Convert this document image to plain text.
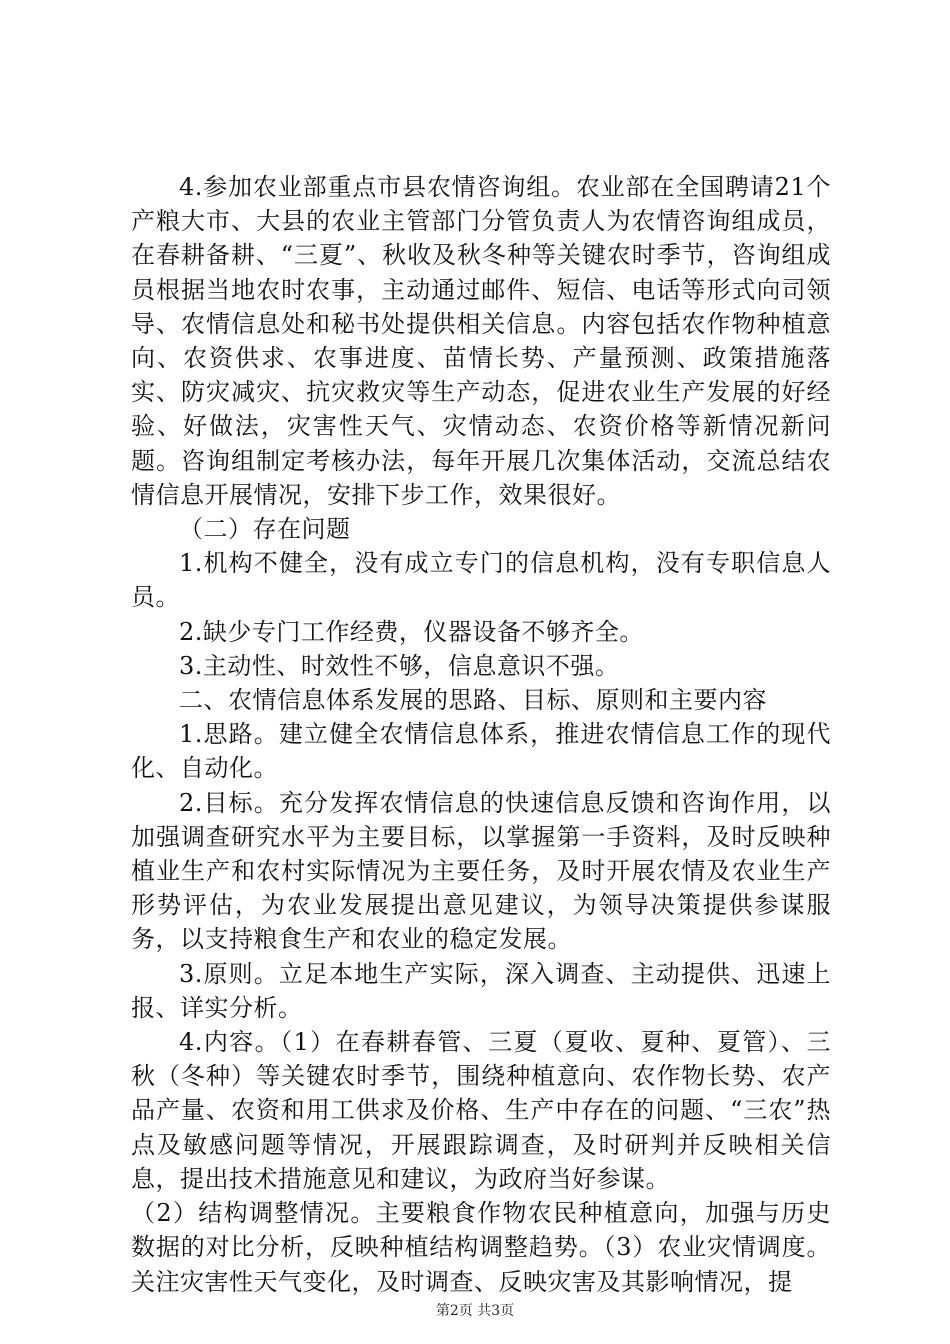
4.参加农业部重点市县农情咨询组。农业部在全国聘请21个产粮大市、大县的农业主管部门分管负责人为农情咨询组成员，在春耕备耕、“三夏”、秋收及秋冬种等关键农时季节，咨询组成员根据当地农时农事，主动通过邮件、短信、电话等形式向司领导、农情信息处和秘书处提供相关信息。内容包括农作物种植意向、农资供求、农事进度、苗情长势、产量预测、政策措施落实、防灾减灾、抗灾救灾等生产动态，促进农业生产发展的好经验、好做法，灾害性天气、灾情动态、农资价格等新情况新问题。咨询组制定考核办法，每年开展几次集体活动，交流总结农情信息开展情况，安排下步工作，效果很好。

（二）存在问题

1.机构不健全，没有成立专门的信息机构，没有专职信息人员。

2.缺少专门工作经费，仪器设备不够齐全。

3.主动性、时效性不够，信息意识不强。

二、农情信息体系发展的思路、目标、原则和主要内容

1.思路。建立健全农情信息体系，推进农情信息工作的现代化、自动化。

2.目标。充分发挥农情信息的快速信息反馈和咨询作用，以加强调查研究水平为主要目标，以掌握第一手资料，及时反映种植业生产和农村实际情况为主要任务，及时开展农情及农业生产形势评估，为农业发展提出意见建议，为领导决策提供参谋服务，以支持粮食生产和农业的稳定发展。

3.原则。立足本地生产实际，深入调查、主动提供、迅速上报、详实分析。

4.内容。（1）在春耕春管、三夏（夏收、夏种、夏管）、三秋（冬种）等关键农时季节，围绕种植意向、农作物长势、农产品产量、农资和用工供求及价格、生产中存在的问题、“三农”热点及敏感问题等情况，开展跟踪调查，及时研判并反映相关信息，提出技术措施意见和建议，为政府当好参谋。

（2）结构调整情况。主要粮食作物农民种植意向，加强与历史数据的对比分析，反映种植结构调整趋势。（3）农业灾情调度。关注灾害性天气变化，及时调查、反映灾害及其影响情况，提

第2页 共3页
